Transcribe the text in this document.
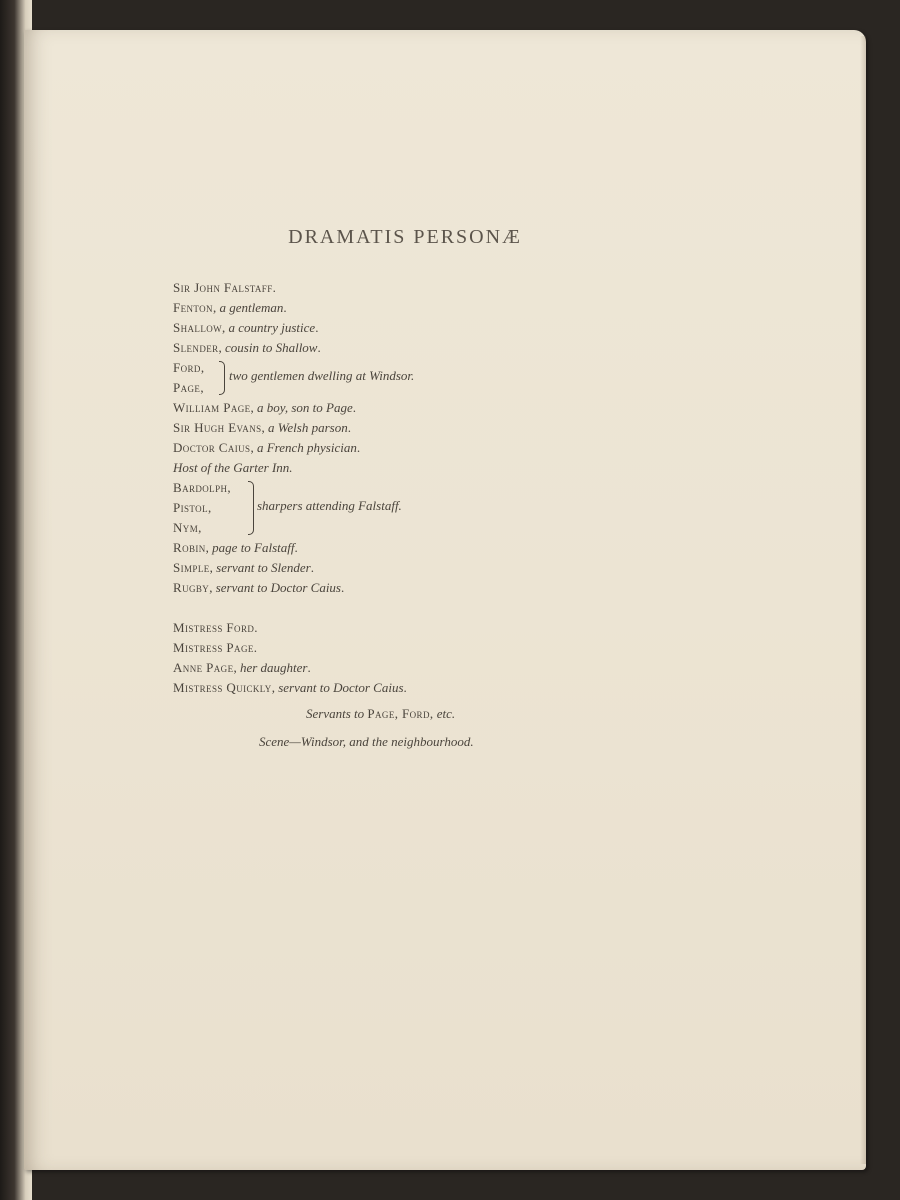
DRAMATIS PERSONÆ
Sir John Falstaff.
Fenton, a gentleman.
Shallow, a country justice.
Slender, cousin to Shallow.
Ford,
Page,
two gentlemen dwelling at Windsor.
William Page, a boy, son to Page.
Sir Hugh Evans, a Welsh parson.
Doctor Caius, a French physician.
Host of the Garter Inn.
Bardolph,
Pistol,
Nym,
sharpers attending Falstaff.
Robin, page to Falstaff.
Simple, servant to Slender.
Rugby, servant to Doctor Caius.
Mistress Ford.
Mistress Page.
Anne Page, her daughter.
Mistress Quickly, servant to Doctor Caius.
Servants to Page, Ford, etc.
Scene—Windsor, and the neighbourhood.
